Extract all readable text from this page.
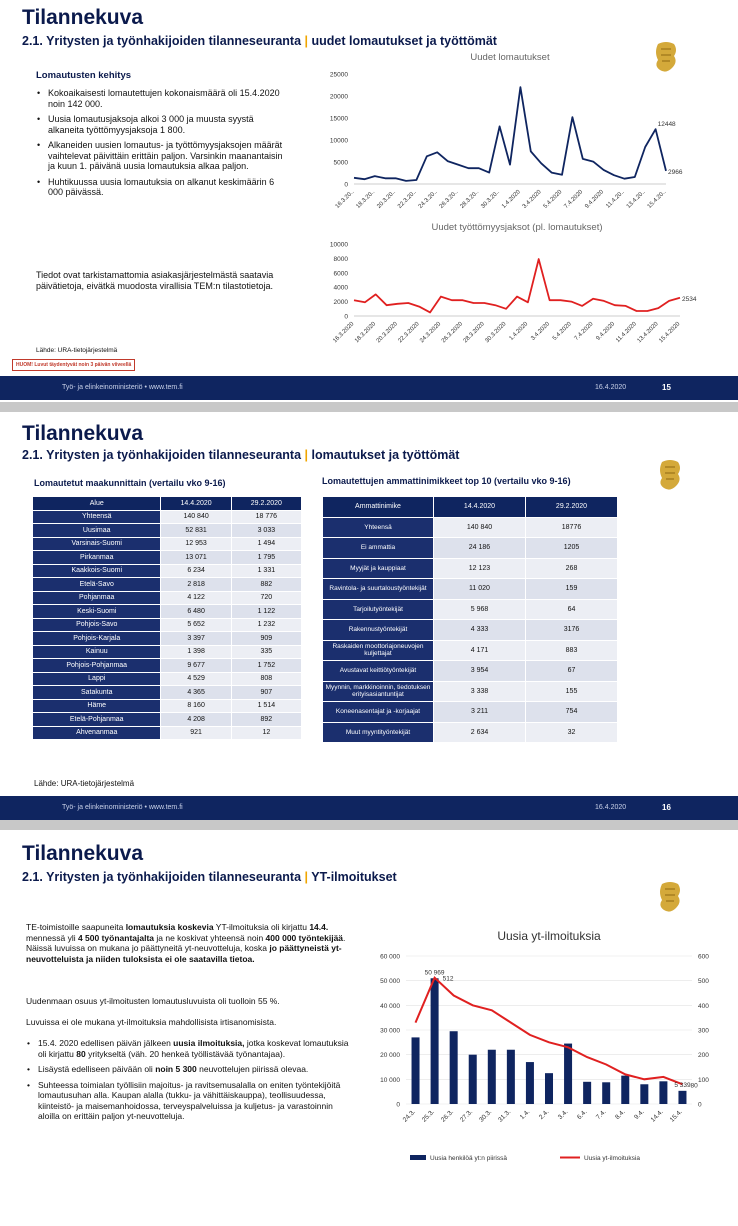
Tilannekuva
2.1. Yritysten ja työnhakijoiden tilanneseuranta | uudet lomautukset ja työttömät
Lomautusten kehitys
• Kokoaikaisesti lomautettujen kokonaismäärä oli 15.4.2020 noin 142 000.
• Uusia lomautusjaksoja alkoi 3 000 ja muusta syystä alkaneita työttömyysjaksoja 1 800.
• Alkaneiden uusien lomautus- ja työttömyysjaksojen määrät vaihtelevat päivittäin erittäin paljon. Varsinkin maanantaisin ja kuun 1. päivänä uusia lomautuksia alkaa paljon.
• Huhtikuussa uusia lomautuksia on alkanut keskimäärin 6 000 päivässä.
Tiedot ovat tarkistamattomia asiakasjärjestelmästä saatavia päivätietoja, eivätkä muodosta virallisia TEM:n tilastotietoja.
Lähde: URA-tietojärjestelmä
HUOM! Luvut täydentyvät noin 3 päivän viiveellä
Uudet lomautukset
0
5000
10000
15000
20000
25000
16.3.20.. 18.3.20.. 20.3.20.. 22.3.20.. 24.3.20.. 26.3.20.. 28.3.20.. 30.3.20.. 1.4.2020 3.4.2020 5.4.2020 7.4.2020 9.4.2020 11.4.20.. 13.4.20.. 15.4.20..
12448
2966
Uudet työttömyysjaksot (pl. lomautukset)
0
2000
4000
6000
8000
10000
16.3.2020
18.3.2020
20.3.2020
22.3.2020
24.3.2020
26.3.2020
28.3.2020
30.3.2020 1.4.2020 3.4.2020 5.4.2020 7.4.2020 9.4.2020
11.4.2020
13.4.2020
15.4.2020
2534
Työ- ja elinkeinoministeriö • www.tem.fi	16.4.2020	15
Tilannekuva
2.1. Yritysten ja työnhakijoiden tilanneseuranta | lomautukset ja työttömät
Lomautetut maakunnittain (vertailu vko 9-16)
Alue	14.4.2020	29.2.2020
Yhteensä	140 840	18 776
Uusimaa	52 831	3 033
Varsinais-Suomi	12 953	1 494
Pirkanmaa	13 071	1 795
Kaakkois-Suomi	6 234	1 331
Etelä-Savo	2 818	882
Pohjanmaa	4 122	720
Keski-Suomi	6 480	1 122
Pohjois-Savo	5 652	1 232
Pohjois-Karjala	3 397	909
Kainuu	1 398	335
Pohjois-Pohjanmaa	9 677	1 752
Lappi	4 529	808
Satakunta	4 365	907
Häme	8 160	1 514
Etelä-Pohjanmaa	4 208	892
Ahvenanmaa	921	12
Lomautettujen ammattinimikkeet top 10 (vertailu vko 9-16)
Ammattinimike	14.4.2020	29.2.2020
Yhteensä	140 840	18776
Ei ammattia	24 186	1205
Myyjät ja kauppiaat	12 123	268
Ravintola- ja suurtaloustyöntekijät	11 020	159
Tarjoilutyöntekijät	5 968	64
Rakennustyöntekijät	4 333	3176
Raskaiden moottoriajoneuvojen kuljettajat	4 171	883
Avustavat keittiötyöntekijät	3 954	67
Myynnin, markkinoinnin, tiedotuksen erityisasiantuntijat	3 338	155
Koneenasentajat ja -korjaajat	3 211	754
Muut myyntityöntekijät	2 634	32
Lähde: URA-tietojärjestelmä
Työ- ja elinkeinoministeriö • www.tem.fi	16.4.2020	16
Tilannekuva
2.1. Yritysten ja työnhakijoiden tilanneseuranta | YT-ilmoitukset
TE-toimistoille saapuneita lomautuksia koskevia YT-ilmoituksia oli kirjattu 14.4. mennessä yli 4 500 työnantajalta ja ne koskivat yhteensä noin 400 000 työntekijää. Näissä luvuissa on mukana jo päättyneitä yt-neuvotteluja, koska jo päättyneistä yt-neuvotteluista ja niiden tuloksista ei ole saatavilla tietoa.
Uudenmaan osuus yt-ilmoitusten lomautusluvuista oli tuolloin 55 %.
Luvuissa ei ole mukana yt-ilmoituksia mahdollisista irtisanomisista.
• 15.4. 2020 edellisen päivän jälkeen uusia ilmoituksia, jotka koskevat lomautuksia oli kirjattu 80 yritykseltä (väh. 20 henkeä työllistävää työnantajaa).
• Lisäystä edelliseen päivään oli noin 5 300 neuvottelujen piirissä olevaa.
• Suhteessa toimialan työllisiin majoitus- ja ravitsemusalalla on eniten työntekijöitä lomautusuhan alla. Kaupan alalla (tukku- ja vähittäiskauppa), teollisuudessa, kiinteistö- ja maisemanhoidossa, terveyspalveluissa ja kuljetus- ja varastoinnin aloilla on erittäin paljon yt-neuvotteluja.
Uusia yt-ilmoituksia
0
10 000
20 000
30 000
40 000
50 000
60 000
0
100
200
300
400
500
600
24.3. 25.3. 26.3. 27.3. 30.3. 31.3. 1.4. 2.4. 3.4. 6.4. 7.4. 8.4. 9.4. 14.4. 15.4.
50 969
512
5 339 80
Uusia henkilöä yt:n piirissä	Uusia yt-ilmoituksia
